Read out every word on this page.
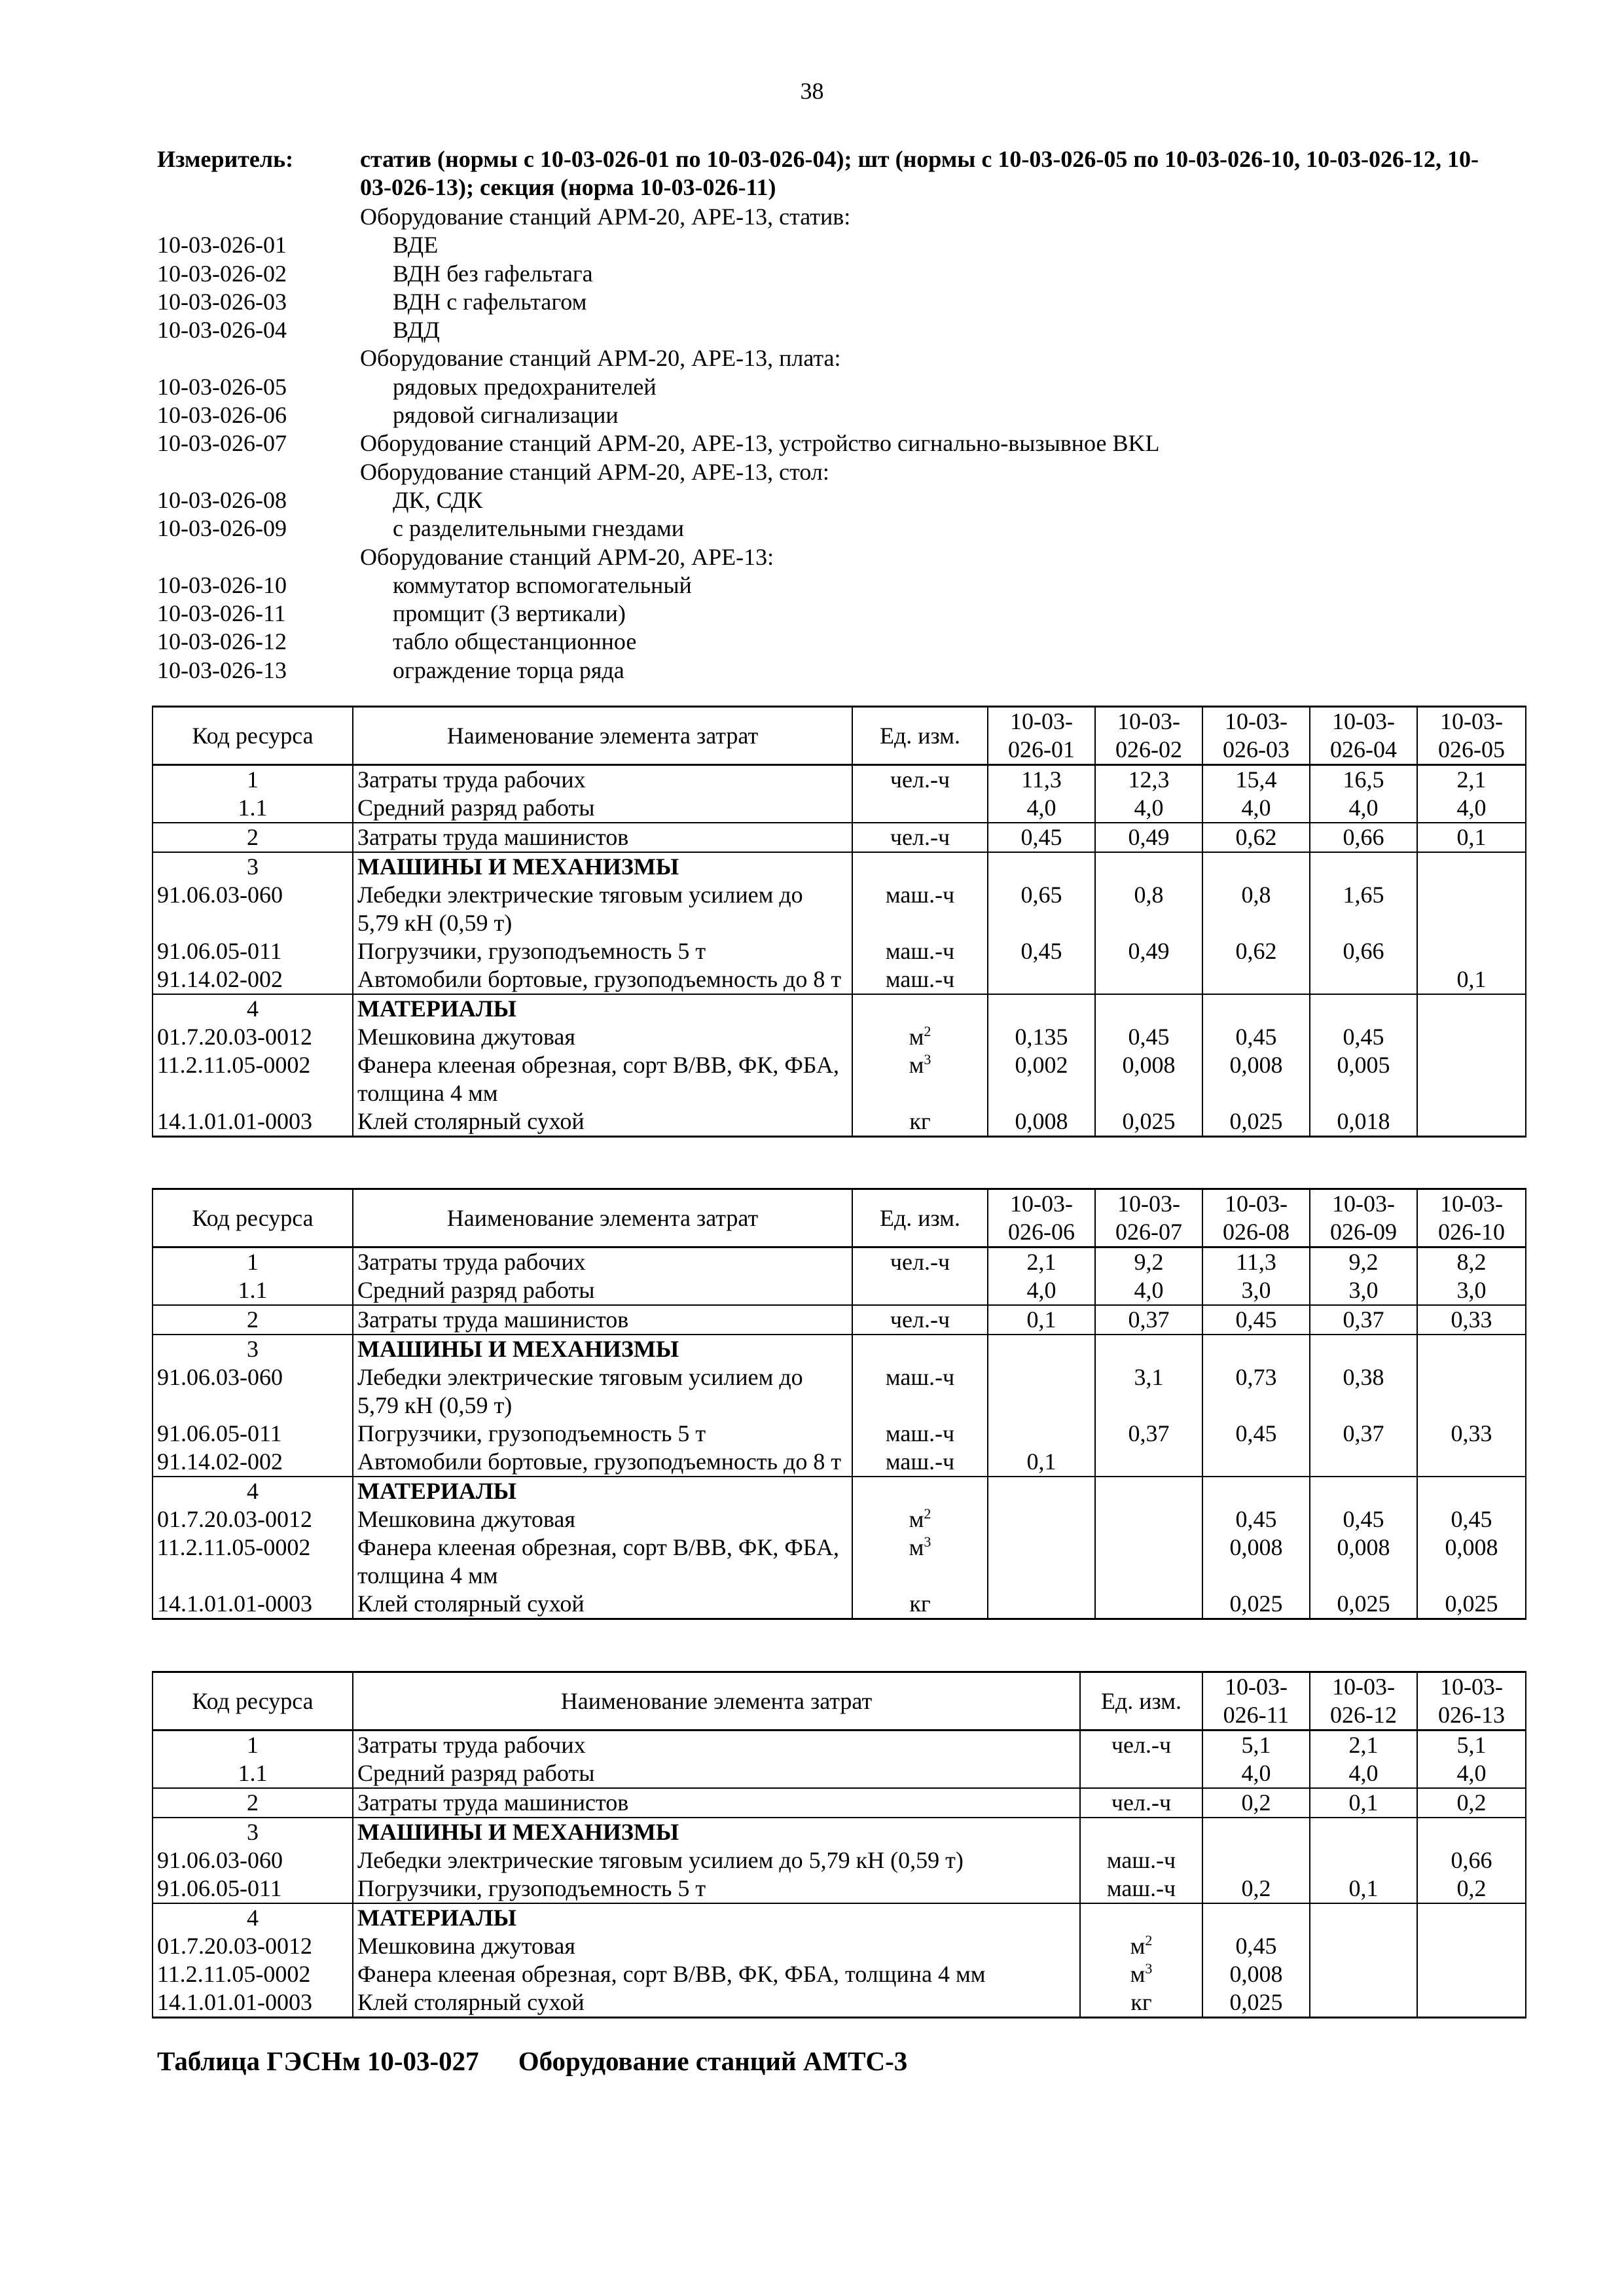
38
Измеритель:	статив (нормы с 10-03-026-01 по 10-03-026-04); шт (нормы с 10-03-026-05 по 10-03-026-10, 10-03-026-12, 10-
03-026-13); секция (норма 10-03-026-11)
Оборудование станций АРМ-20, АРЕ-13, статив:
10-03-026-01	ВДЕ
10-03-026-02	ВДН без гафельтага
10-03-026-03	ВДН с гафельтагом
10-03-026-04	ВДД
Оборудование станций АРМ-20, АРЕ-13, плата:
10-03-026-05	рядовых предохранителей
10-03-026-06	рядовой сигнализации
10-03-026-07	Оборудование станций АРМ-20, АРЕ-13, устройство сигнально-вызывное BKL
Оборудование станций АРМ-20, АРЕ-13, стол:
10-03-026-08	ДК, СДК
10-03-026-09	с разделительными гнездами
Оборудование станций АРМ-20, АРЕ-13:
10-03-026-10	коммутатор вспомогательный
10-03-026-11	промщит (3 вертикали)
10-03-026-12	табло общестанционное
10-03-026-13	ограждение торца ряда
Код ресурса	Наименование элемента затрат	Ед. изм.	10-03-
026-01	10-03-
026-02	10-03-
026-03	10-03-
026-04	10-03-
026-05
1	Затраты труда рабочих	чел.-ч	11,3	12,3	15,4	16,5	2,1
1.1	Средний разряд работы		4,0	4,0	4,0	4,0	4,0
2	Затраты труда машинистов	чел.-ч	0,45	0,49	0,62	0,66	0,1
3	МАШИНЫ И МЕХАНИЗМЫ						
91.06.03-060	Лебедки электрические тяговым усилием до 5,79 кН (0,59 т)	маш.-ч	0,65	0,8	0,8	1,65	
91.06.05-011	Погрузчики, грузоподъемность 5 т	маш.-ч	0,45	0,49	0,62	0,66	
91.14.02-002	Автомобили бортовые, грузоподъемность до 8 т	маш.-ч					0,1
4	МАТЕРИАЛЫ						
01.7.20.03-0012	Мешковина джутовая	$м^2$	0,135	0,45	0,45	0,45	
11.2.11.05-0002	Фанера клееная обрезная, сорт В/ВВ, ФК, ФБА, толщина 4 мм	$м^3$	0,002	0,008	0,008	0,005	
14.1.01.01-0003	Клей столярный сухой	кг	0,008	0,025	0,025	0,018	
Код ресурса	Наименование элемента затрат	Ед. изм.	10-03-
026-06	10-03-
026-07	10-03-
026-08	10-03-
026-09	10-03-
026-10
1	Затраты труда рабочих	чел.-ч	2,1	9,2	11,3	9,2	8,2
1.1	Средний разряд работы		4,0	4,0	3,0	3,0	3,0
2	Затраты труда машинистов	чел.-ч	0,1	0,37	0,45	0,37	0,33
3	МАШИНЫ И МЕХАНИЗМЫ						
91.06.03-060	Лебедки электрические тяговым усилием до 5,79 кН (0,59 т)	маш.-ч		3,1	0,73	0,38	
91.06.05-011	Погрузчики, грузоподъемность 5 т	маш.-ч		0,37	0,45	0,37	0,33
91.14.02-002	Автомобили бортовые, грузоподъемность до 8 т	маш.-ч	0,1				
4	МАТЕРИАЛЫ						
01.7.20.03-0012	Мешковина джутовая	$м^2$			0,45	0,45	0,45
11.2.11.05-0002	Фанера клееная обрезная, сорт В/ВВ, ФК, ФБА, толщина 4 мм	$м^3$			0,008	0,008	0,008
14.1.01.01-0003	Клей столярный сухой	кг			0,025	0,025	0,025
Код ресурса	Наименование элемента затрат	Ед. изм.	10-03-
026-11	10-03-
026-12	10-03-
026-13
1	Затраты труда рабочих	чел.-ч	5,1	2,1	5,1
1.1	Средний разряд работы		4,0	4,0	4,0
2	Затраты труда машинистов	чел.-ч	0,2	0,1	0,2
3	МАШИНЫ И МЕХАНИЗМЫ				
91.06.03-060	Лебедки электрические тяговым усилием до 5,79 кН (0,59 т)	маш.-ч			0,66
91.06.05-011	Погрузчики, грузоподъемность 5 т	маш.-ч	0,2	0,1	0,2
4	МАТЕРИАЛЫ				
01.7.20.03-0012	Мешковина джутовая	$м^2$	0,45		
11.2.11.05-0002	Фанера клееная обрезная, сорт В/ВВ, ФК, ФБА, толщина 4 мм	$м^3$	0,008		
14.1.01.01-0003	Клей столярный сухой	кг	0,025		
Таблица ГЭСНм 10-03-027 Оборудование станций АМТС-3
